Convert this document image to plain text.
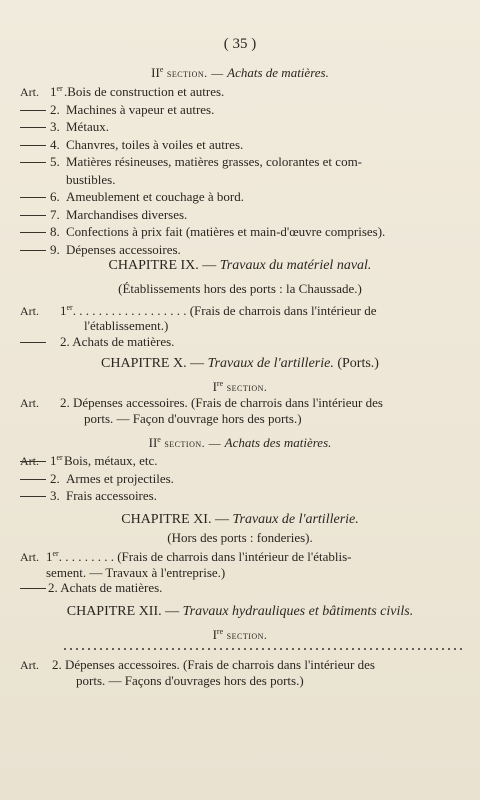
( 35 )
IIe section. — Achats de matières.
Art. 1er .Bois de construction et autres.
2. Machines à vapeur et autres.
3. Métaux.
4. Chanvres, toiles à voiles et autres.
5. Matières résineuses, matières grasses, colorantes et com-
bustibles.
6. Ameublement et couchage à bord.
7. Marchandises diverses.
8. Confections à prix fait (matières et main-d'œuvre comprises).
9. Dépenses accessoires.
CHAPITRE IX. — Travaux du matériel naval.
(Établissements hors des ports : la Chaussade.)
Art. 1er. . . . . . . . . . . . . . . . . . (Frais de charrois dans l'intérieur de
l'établissement.)
2. Achats de matières.
CHAPITRE X. — Travaux de l'artillerie. (Ports.)
Ire section.
Art. 2. Dépenses accessoires. (Frais de charrois dans l'intérieur des
ports. — Façon d'ouvrage hors des ports.)
IIe section. — Achats des matières.
Art. 1er Bois, métaux, etc.
2. Armes et projectiles.
3. Frais accessoires.
CHAPITRE XI. — Travaux de l'artillerie.
(Hors des ports : fonderies).
Art. 1er. . . . . . . . . (Frais de charrois dans l'intérieur de l'établis-
sement. — Travaux à l'entreprise.)
2. Achats de matières.
CHAPITRE XII. — Travaux hydrauliques et bâtiments civils.
Ire section.
Art. 2. Dépenses accessoires. (Frais de charrois dans l'intérieur des
ports. — Façons d'ouvrages hors des ports.)
